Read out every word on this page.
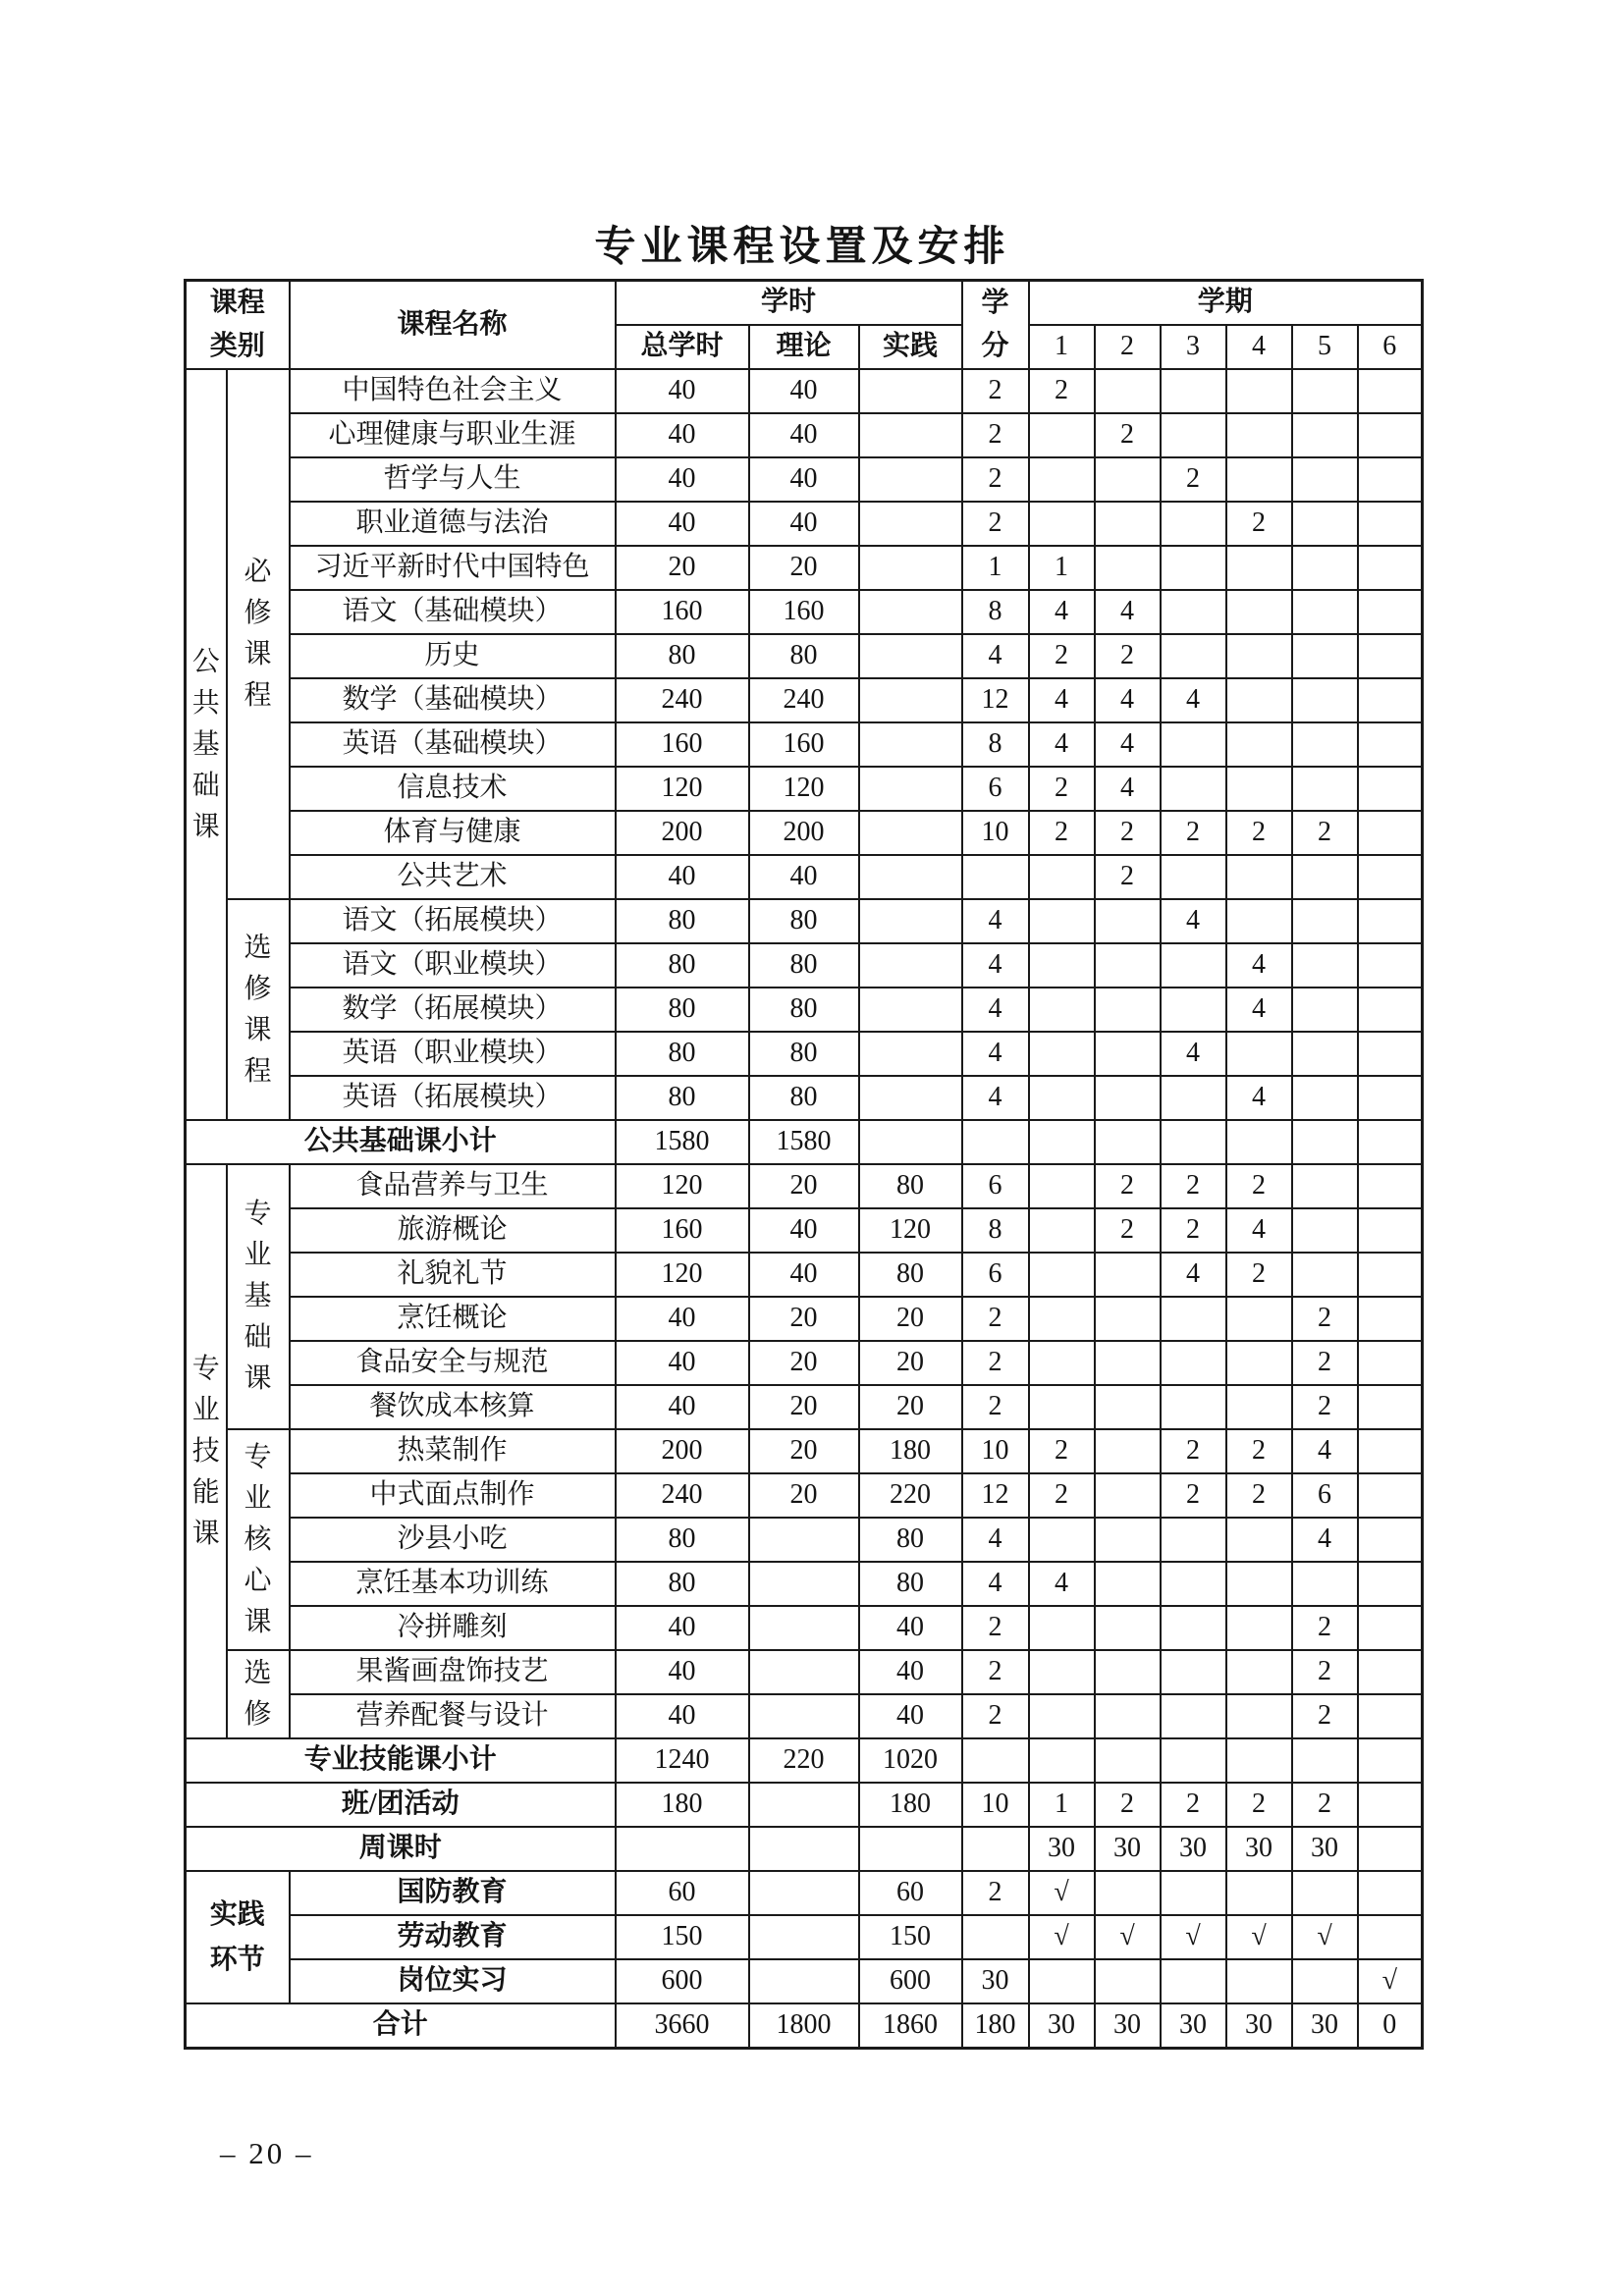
专业课程设置及安排
课程类别		课程名称	学时			学分	学期					
			总学时	理论	实践		1	2	3	4	5	6

公
共
基
础
课	必
修
课
程	中国特色社会主义	40	40		2	2					
		心理健康与职业生涯	40	40		2		2				
		哲学与人生	40	40		2			2			
		职业道德与法治	40	40		2				2		
		习近平新时代中国特色	20	20		1	1					
		语文（基础模块）	160	160		8	4	4				
		历史	80	80		4	2	2				
		数学（基础模块）	240	240		12	4	4	4			
		英语（基础模块）	160	160		8	4	4				
		信息技术	120	120		6	2	4				
		体育与健康	200	200		10	2	2	2	2	2	
		公共艺术	40	40				2				

	选
修
课
程	语文（拓展模块）	80	80		4			4			
		语文（职业模块）	80	80		4				4		
		数学（拓展模块）	80	80		4				4		
		英语（职业模块）	80	80		4			4			
		英语（拓展模块）	80	80		4				4		
公共基础课小计			1580	1580								

专
业
技
能
课	专
业
基
础
课	食品营养与卫生	120	20	80	6		2	2	2		
		旅游概论	160	40	120	8		2	2	4		
		礼貌礼节	120	40	80	6			4	2		
		烹饪概论	40	20	20	2					2	
		食品安全与规范	40	20	20	2					2	
		餐饮成本核算	40	20	20	2					2	

	专
业
核
心
课	热菜制作	200	20	180	10	2		2	2	4	
		中式面点制作	240	20	220	12	2		2	2	6	
		沙县小吃	80		80	4					4	
		烹饪基本功训练	80		80	4	4					
		冷拼雕刻	40		40	2					2	

	选
修	果酱画盘饰技艺	40		40	2					2	
		营养配餐与设计	40		40	2					2	
专业技能课小计			1240	220	1020							
班/团活动			180		180	10	1	2	2	2	2	
周课时							30	30	30	30	30	

实践环节		国防教育	60		60	2	√					
		劳动教育	150		150		√	√	√	√	√	
		岗位实习	600		600	30						√
合计			3660	1800	1860	180	30	30	30	30	30	0
– 20 –
